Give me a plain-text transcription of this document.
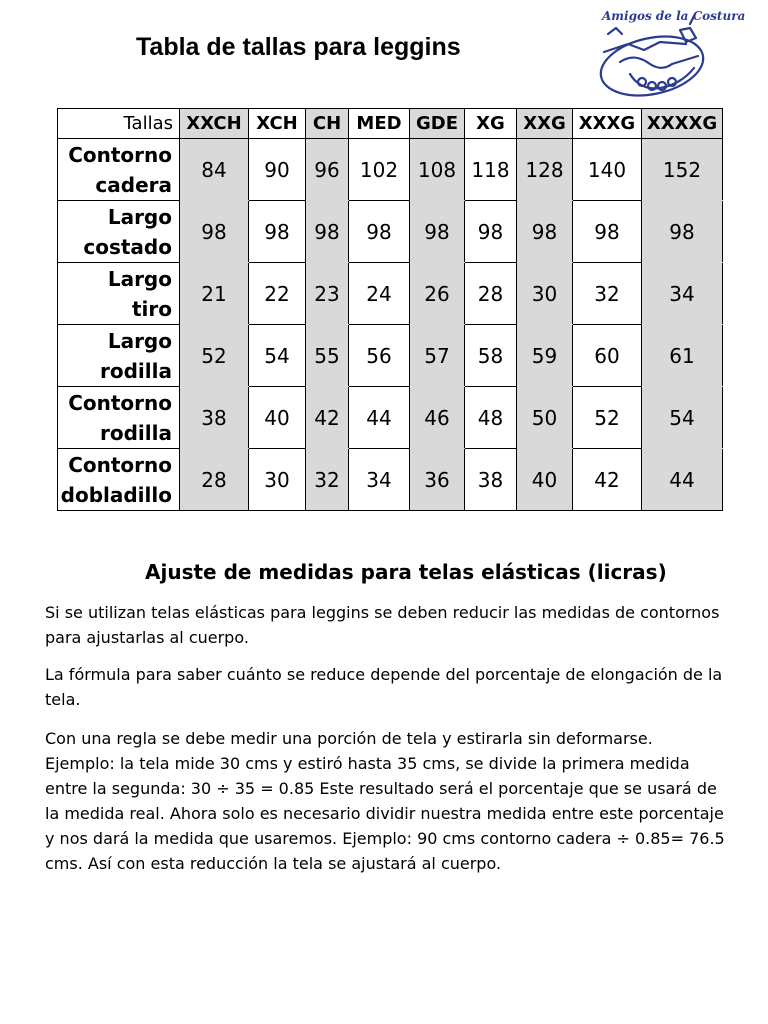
Tabla de tallas para leggins
Amigos de la Costura
Tallas	XXCH	XCH	CH	MED	GDE	XG	XXG	XXXG	XXXXG

Contorno
cadera	84	90	96	102	108	118	128	140	152

Largo
costado	98	98	98	98	98	98	98	98	98

Largo
tiro	21	22	23	24	26	28	30	32	34

Largo
rodilla	52	54	55	56	57	58	59	60	61

Contorno
rodilla	38	40	42	44	46	48	50	52	54

Contorno
dobladillo	28	30	32	34	36	38	40	42	44
Ajuste de medidas para telas elásticas (licras)
Si se utilizan telas elásticas para leggins se deben reducir las medidas de contornos para ajustarlas al cuerpo.
La fórmula para saber cuánto se reduce depende del porcentaje de elongación de la tela.
Con una regla se debe medir una porción de tela y estirarla sin deformarse. Ejemplo: la tela mide 30 cms y estiró hasta 35 cms, se divide la primera medida entre la segunda: 30 ÷ 35 = 0.85 Este resultado será el porcentaje que se usará de la medida real. Ahora solo es necesario dividir nuestra medida entre este porcentaje y nos dará la medida que usaremos. Ejemplo: 90 cms contorno cadera ÷ 0.85= 76.5 cms. Así con esta reducción la tela se ajustará al cuerpo.
